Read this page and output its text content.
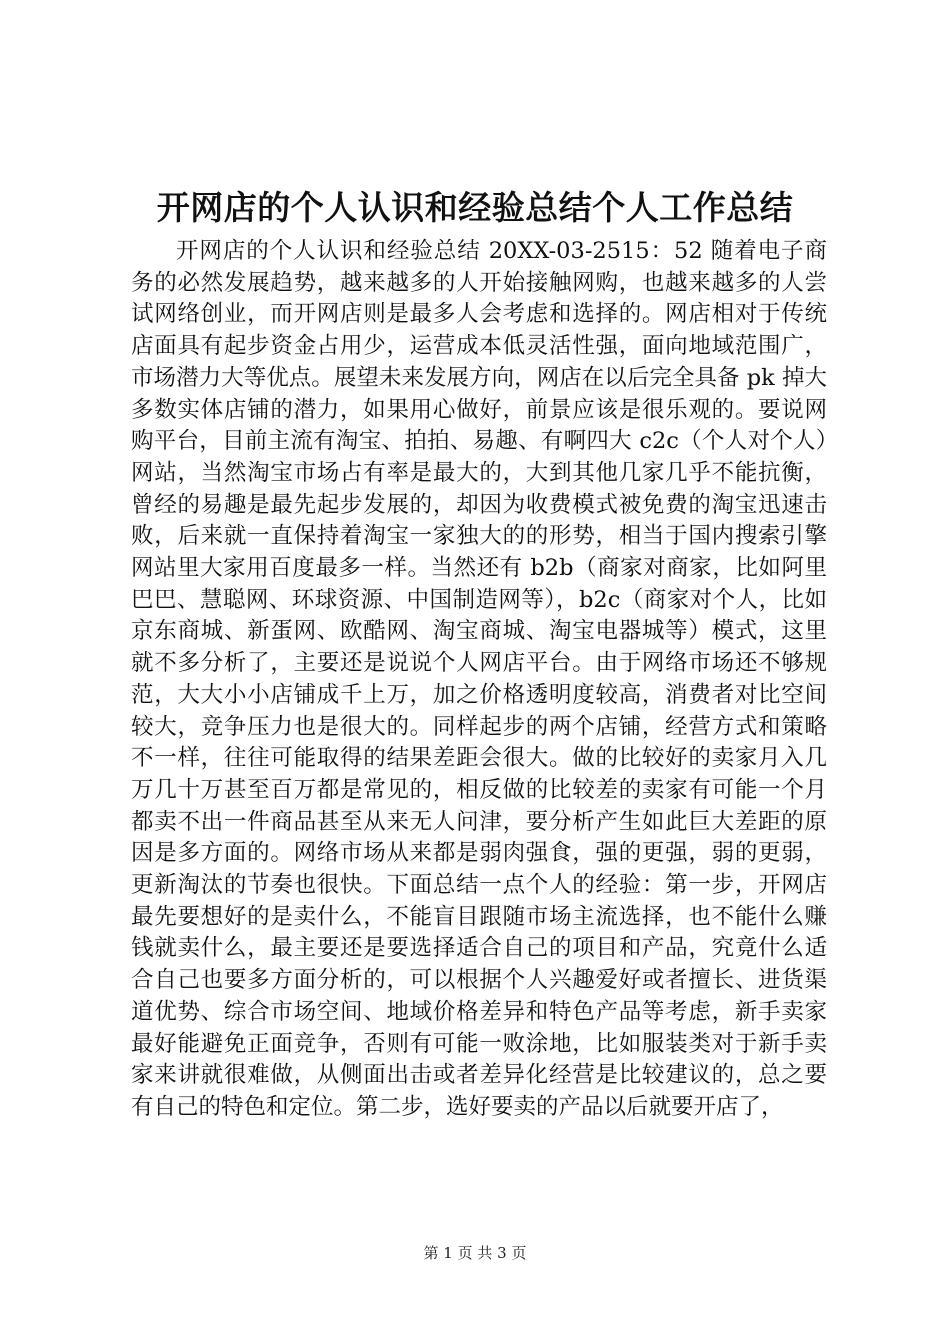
开网店的个人认识和经验总结个人工作总结

开网店的个人认识和经验总结 20XX-03-2515：52 随着电子商务的必然发展趋势，越来越多的人开始接触网购，也越来越多的人尝试网络创业，而开网店则是最多人会考虑和选择的。网店相对于传统店面具有起步资金占用少，运营成本低灵活性强，面向地域范围广，市场潜力大等优点。展望未来发展方向，网店在以后完全具备 pk 掉大多数实体店铺的潜力，如果用心做好，前景应该是很乐观的。要说网购平台，目前主流有淘宝、拍拍、易趣、有啊四大 c2c（个人对个人）网站，当然淘宝市场占有率是最大的，大到其他几家几乎不能抗衡，曾经的易趣是最先起步发展的，却因为收费模式被免费的淘宝迅速击败，后来就一直保持着淘宝一家独大的的形势，相当于国内搜索引擎网站里大家用百度最多一样。当然还有 b2b（商家对商家，比如阿里巴巴、慧聪网、环球资源、中国制造网等），b2c（商家对个人，比如京东商城、新蛋网、欧酷网、淘宝商城、淘宝电器城等）模式，这里就不多分析了，主要还是说说个人网店平台。由于网络市场还不够规范，大大小小店铺成千上万，加之价格透明度较高，消费者对比空间较大，竞争压力也是很大的。同样起步的两个店铺，经营方式和策略不一样，往往可能取得的结果差距会很大。做的比较好的卖家月入几万几十万甚至百万都是常见的，相反做的比较差的卖家有可能一个月都卖不出一件商品甚至从来无人问津，要分析产生如此巨大差距的原因是多方面的。网络市场从来都是弱肉强食，强的更强，弱的更弱，更新淘汰的节奏也很快。下面总结一点个人的经验：第一步，开网店最先要想好的是卖什么，不能盲目跟随市场主流选择，也不能什么赚钱就卖什么，最主要还是要选择适合自己的项目和产品，究竟什么适合自己也要多方面分析的，可以根据个人兴趣爱好或者擅长、进货渠道优势、综合市场空间、地域价格差异和特色产品等考虑，新手卖家最好能避免正面竞争，否则有可能一败涂地，比如服装类对于新手卖家来讲就很难做，从侧面出击或者差异化经营是比较建议的，总之要有自己的特色和定位。第二步，选好要卖的产品以后就要开店了，

第 1 页 共 3 页
